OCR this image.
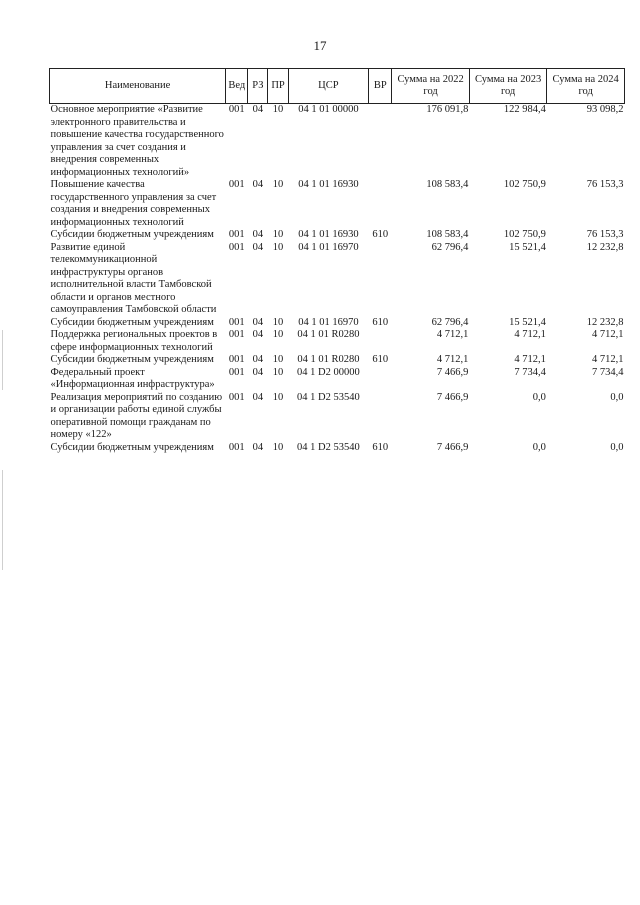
17
Наименование	Вед	РЗ	ПР	ЦСР	ВР	Сумма на 2022 год	Сумма на 2023 год	Сумма на 2024 год
Основное мероприятие «Развитие электронного правительства и повышение качества государственного управления за счет создания и внедрения современных информационных технологий»	001	04	10	04 1 01 00000		176 091,8	122 984,4	93 098,2
Повышение качества государственного управления за счет создания и внедрения современных информационных технологий	001	04	10	04 1 01 16930		108 583,4	102 750,9	76 153,3
Субсидии бюджетным учреждениям	001	04	10	04 1 01 16930	610	108 583,4	102 750,9	76 153,3
Развитие единой телекоммуникационной инфраструктуры органов исполнительной власти Тамбовской области и органов местного самоуправления Тамбовской области	001	04	10	04 1 01 16970		62 796,4	15 521,4	12 232,8
Субсидии бюджетным учреждениям	001	04	10	04 1 01 16970	610	62 796,4	15 521,4	12 232,8
Поддержка региональных проектов в сфере информационных технологий	001	04	10	04 1 01 R0280		4 712,1	4 712,1	4 712,1
Субсидии бюджетным учреждениям	001	04	10	04 1 01 R0280	610	4 712,1	4 712,1	4 712,1
Федеральный проект «Информационная инфраструктура»	001	04	10	04 1 D2 00000		7 466,9	7 734,4	7 734,4
Реализация мероприятий по созданию и организации работы единой службы оперативной помощи гражданам по номеру «122»	001	04	10	04 1 D2 53540		7 466,9	0,0	0,0
Субсидии бюджетным учреждениям	001	04	10	04 1 D2 53540	610	7 466,9	0,0	0,0
